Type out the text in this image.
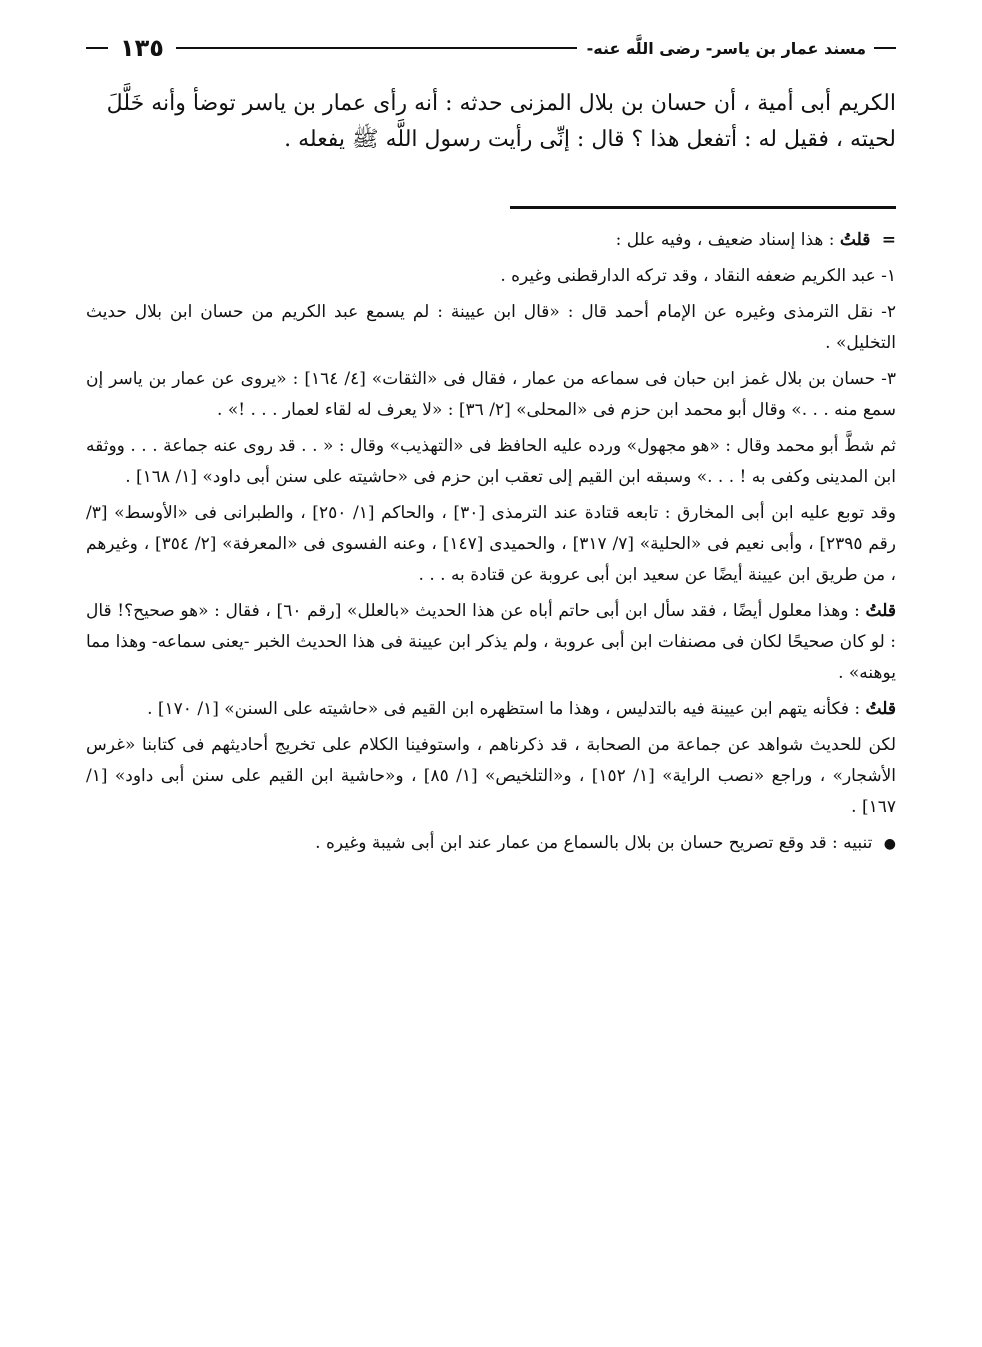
مسند عمار بن ياسر- رضى اللَّه عنه-
١٣٥

الكريم أبى أمية ، أن حسان بن بلال المزنى حدثه : أنه رأى عمار بن ياسر توضأ وأنه خَلَّلَ

لحيته ، فقيل له : أتفعل هذا ؟ قال : إنِّى رأيت رسول اللَّه ﷺ يفعله .

= قلتُ : هذا إسناد ضعيف ، وفيه علل :

١- عبد الكريم ضعفه النقاد ، وقد تركه الدارقطنى وغيره .

٢- نقل الترمذى وغيره عن الإمام أحمد قال : «قال ابن عيينة : لم يسمع عبد الكريم من حسان ابن بلال حديث التخليل» .

٣- حسان بن بلال غمز ابن حبان فى سماعه من عمار ، فقال فى «الثقات» [٤/ ١٦٤] : «يروى عن عمار بن ياسر إن سمع منه . . .» وقال أبو محمد ابن حزم فى «المحلى» [٢/ ٣٦] : «لا يعرف له لقاء لعمار . . . !» .

ثم شطَّ أبو محمد وقال : «هو مجهول» ورده عليه الحافظ فى «التهذيب» وقال : « . . قد روى عنه جماعة . . . ووثقه ابن المدينى وكفى به ! . . .» وسبقه ابن القيم إلى تعقب ابن حزم فى «حاشيته على سنن أبى داود» [١/ ١٦٨] .

وقد توبع عليه ابن أبى المخارق : تابعه قتادة عند الترمذى [٣٠] ، والحاكم [١/ ٢٥٠] ، والطبرانى فى «الأوسط» [٣/ رقم ٢٣٩٥] ، وأبى نعيم فى «الحلية» [٧/ ٣١٧] ، والحميدى [١٤٧] ، وعنه الفسوى فى «المعرفة» [٢/ ٣٥٤] ، وغيرهم ، من طريق ابن عيينة أيضًا عن سعيد ابن أبى عروبة عن قتادة به . . .

قلتُ : وهذا معلول أيضًا ، فقد سأل ابن أبى حاتم أباه عن هذا الحديث «بالعلل» [رقم ٦٠] ، فقال : «هو صحيح؟! قال : لو كان صحيحًا لكان فى مصنفات ابن أبى عروبة ، ولم يذكر ابن عيينة فى هذا الحديث الخبر -يعنى سماعه- وهذا مما يوهنه» .

قلتُ : فكأنه يتهم ابن عيينة فيه بالتدليس ، وهذا ما استظهره ابن القيم فى «حاشيته على السنن» [١/ ١٧٠] .

لكن للحديث شواهد عن جماعة من الصحابة ، قد ذكرناهم ، واستوفينا الكلام على تخريج أحاديثهم فى كتابنا «غرس الأشجار» ، وراجع «نصب الراية» [١/ ١٥٢] ، و«التلخيص» [١/ ٨٥] ، و«حاشية ابن القيم على سنن أبى داود» [١/ ١٦٧] .

● تنبيه : قد وقع تصريح حسان بن بلال بالسماع من عمار عند ابن أبى شيبة وغيره .
